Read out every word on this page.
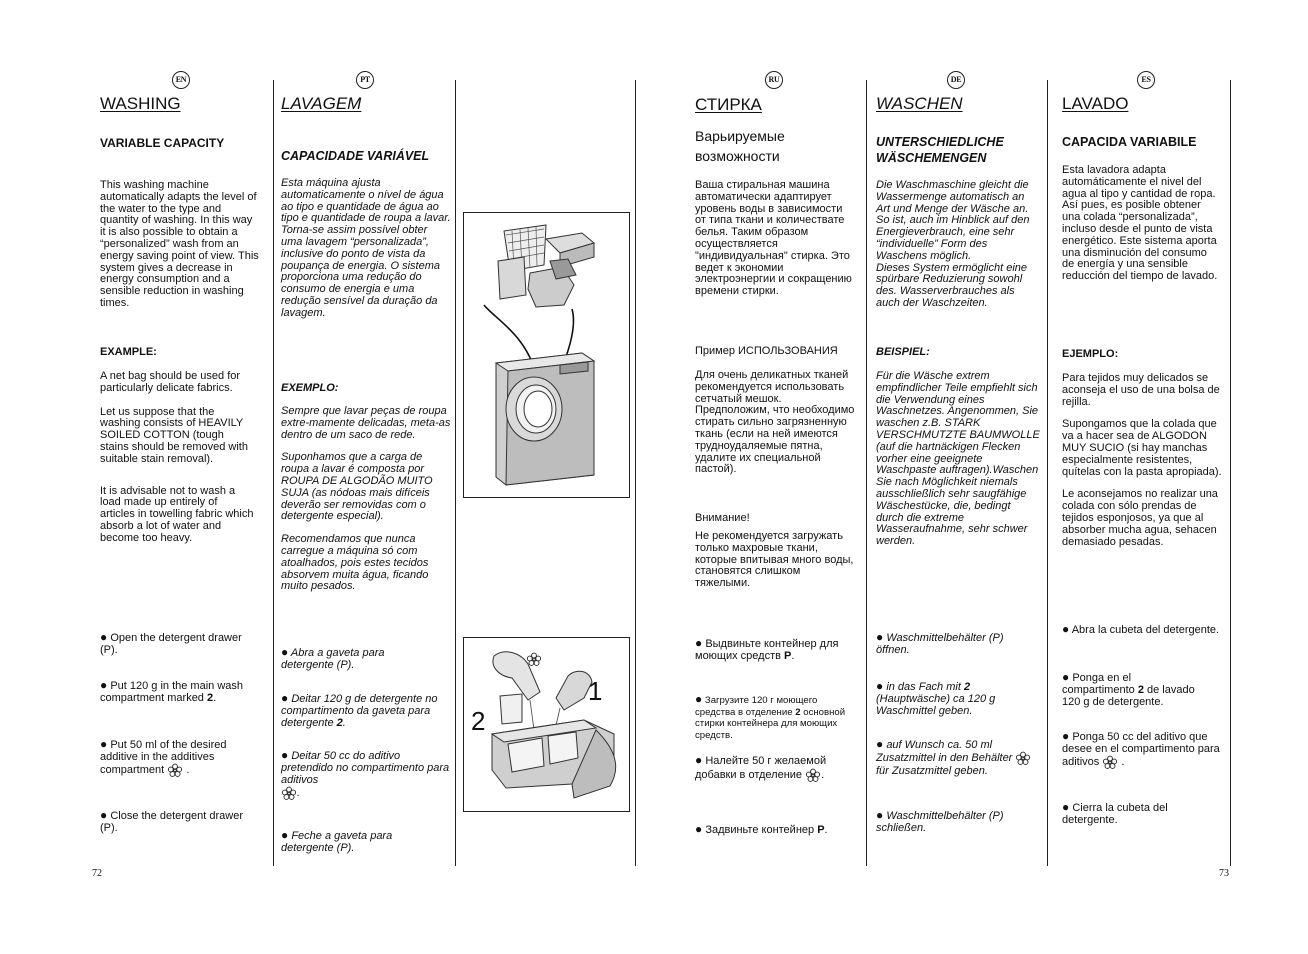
EN
WASHING
VARIABLE CAPACITY

This washing machine automatically adapts the level of the water to the type and quantity of washing. In this way it is also possible to obtain a “personalized” wash from an energy saving point of view. This system gives a decrease in energy consumption and a sensible reduction in washing times.

EXAMPLE:

A net bag should be used for particularly delicate fabrics.

Let us suppose that the washing consists of HEAVILY SOILED COTTON (tough stains should be removed with suitable stain removal).

It is advisable not to wash a load made up entirely of articles in towelling fabric which absorb a lot of water and become too heavy.

● Open the detergent drawer (P).
● Put 120 g in the main wash compartment marked 2.
● Put 50 ml of the desired additive in the additives compartment  .
● Close the detergent drawer (P).
72
PT
LAVAGEM
CAPACIDADE VARIÁVEL

Esta máquina ajusta automaticamente o nível de água ao tipo e quantidade de água ao tipo e quantidade de roupa a lavar. Torna-se assim possível obter uma lavagem “personalizada”, inclusive do ponto de vista da poupança de energia. O sistema proporciona uma redução do consumo de energia e uma redução sensível da duração da lavagem.

EXEMPLO:

Sempre que lavar peças de roupa extre-mamente delicadas, meta-as dentro de um saco de rede.

Suponhamos que a carga de roupa a lavar é composta por ROUPA DE ALGODÃO MUITO SUJA (as nódoas mais difíceis deverão ser removidas com o detergente especial).

Recomendamos que nunca carregue a máquina só com atoalhados, pois estes tecidos absorvem muita água, ficando muito pesados.

● Abra a gaveta para detergente (P).
● Deitar 120 g de detergente no compartimento da gaveta para detergente 2.
● Deitar 50 cc do aditivo pretendido no compartimento para aditivos
.
● Feche a gaveta para detergente (P).
1
2
RU
СТИРКА
Варьируемые
возможности

Ваша стиральная машина автоматически адаптирует уровень воды в зависимости от типа ткани и количествате белья. Таким образом осуществляется "индивидуальная" стирка. Это ведет к экономии электроэнергии и сокращению времени стирки.

Пример ИСПОЛЬЗОВАНИЯ

Для очень деликатных тканей рекомендуется использовать сетчатый мешок.

Предположим, что необходимо стирать сильно загрязненную ткань (если на ней имеются трудноудаляемые пятна, удалите их специальной пастой).

Внимание!

Не рекомендуется загружать только махровые ткани, которые впитывая много воды, становятся слишком тяжелыми.

● Выдвиньте контейнер для моющих средств Р.
● Загрузите 120 г моющего средства в отделение 2 основной стирки контейнера для моющих средств.
● Налейте 50 г желаемой добавки в отделение .
● Задвиньте контейнер Р.
DE
WASCHEN
UNTERSCHIEDLICHE
WÄSCHEMENGEN

Die Waschmaschine gleicht die Wassermenge automatisch an Art und Menge der Wäsche an. So ist, auch im Hinblick auf den Energieverbrauch, eine sehr “individuelle” Form des Waschens möglich.

Dieses System ermöglicht eine spürbare Reduzierung sowohl des. Wasserverbrauches als auch der Waschzeiten.

BEISPIEL:

Für die Wäsche extrem empfindlicher Teile empfiehlt sich die Verwendung eines Waschnetzes. Angenommen, Sie waschen z.B. STARK VERSCHMUTZTE BAUMWOLLE (auf die hartnäckigen Flecken vorher eine geeignete Waschpaste auftragen).Waschen Sie nach Möglichkeit niemals ausschließlich sehr saugfähige Wäschestücke, die, bedingt durch die extreme Wasseraufnahme, sehr schwer werden.

● Waschmittelbehälter (P) öffnen.
● in das Fach mit 2 (Hauptwäsche) ca 120 g Waschmittel geben.
● auf Wunsch ca. 50 ml Zusatzmittel in den Behälter  für Zusatzmittel geben.
● Waschmittelbehälter (P) schließen.
ES
LAVADO
CAPACIDA VARIABILE

Esta lavadora adapta automáticamente el nivel del agua al tipo y cantidad de ropa. Así pues, es posible obtener una colada “personalizada”, incluso desde el punto de vista energético. Este sistema aporta una disminución del consumo de energía y una sensible reducción del tiempo de lavado.

EJEMPLO:

Para tejidos muy delicados se aconseja el uso de una bolsa de rejilla.

Supongamos que la colada que va a hacer sea de ALGODON MUY SUCIO (si hay manchas especialmente resistentes, quítelas con la pasta apropiada).

Le aconsejamos no realizar una colada con sólo prendas de tejidos esponjosos, ya que al absorber mucha agua, sehacen demasiado pesadas.

● Abra la cubeta del detergente.
● Ponga en el compartimento 2 de lavado 120 g de detergente.
● Ponga 50 cc del aditivo que desee en el compartimento para aditivos  .
● Cierra la cubeta del detergente.
73
